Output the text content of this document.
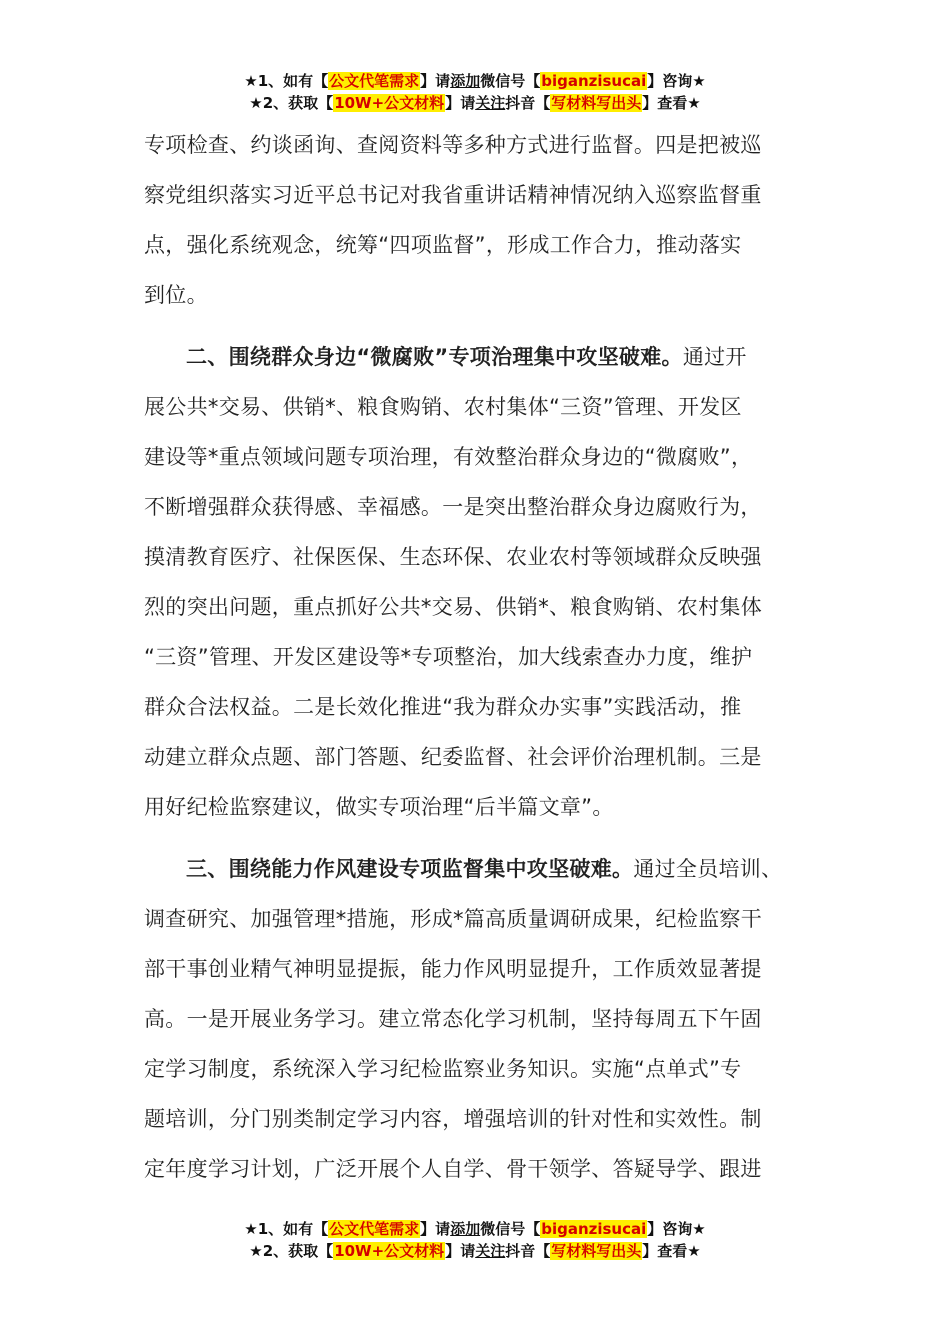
★1、如有【公文代笔需求】请添加微信号【biganzisucai】咨询★
★2、获取【10W+公文材料】请关注抖音【写材料写出头】查看★
专项检查、约谈函询、查阅资料等多种方式进行监督。四是把被巡
察党组织落实习近平总书记对我省重讲话精神情况纳入巡察监督重
点，强化系统观念，统筹“四项监督”，形成工作合力，推动落实
到位。
二、围绕群众身边“微腐败”专项治理集中攻坚破难。通过开
展公共*交易、供销*、粮食购销、农村集体“三资”管理、开发区
建设等*重点领域问题专项治理，有效整治群众身边的“微腐败”，
不断增强群众获得感、幸福感。一是突出整治群众身边腐败行为，
摸清教育医疗、社保医保、生态环保、农业农村等领域群众反映强
烈的突出问题，重点抓好公共*交易、供销*、粮食购销、农村集体
“三资”管理、开发区建设等*专项整治，加大线索查办力度，维护
群众合法权益。二是长效化推进“我为群众办实事”实践活动，推
动建立群众点题、部门答题、纪委监督、社会评价治理机制。三是
用好纪检监察建议，做实专项治理“后半篇文章”。
三、围绕能力作风建设专项监督集中攻坚破难。通过全员培训、
调查研究、加强管理*措施，形成*篇高质量调研成果，纪检监察干
部干事创业精气神明显提振，能力作风明显提升，工作质效显著提
高。一是开展业务学习。建立常态化学习机制，坚持每周五下午固
定学习制度，系统深入学习纪检监察业务知识。实施“点单式”专
题培训，分门别类制定学习内容，增强培训的针对性和实效性。制
定年度学习计划，广泛开展个人自学、骨干领学、答疑导学、跟进
★1、如有【公文代笔需求】请添加微信号【biganzisucai】咨询★
★2、获取【10W+公文材料】请关注抖音【写材料写出头】查看★
